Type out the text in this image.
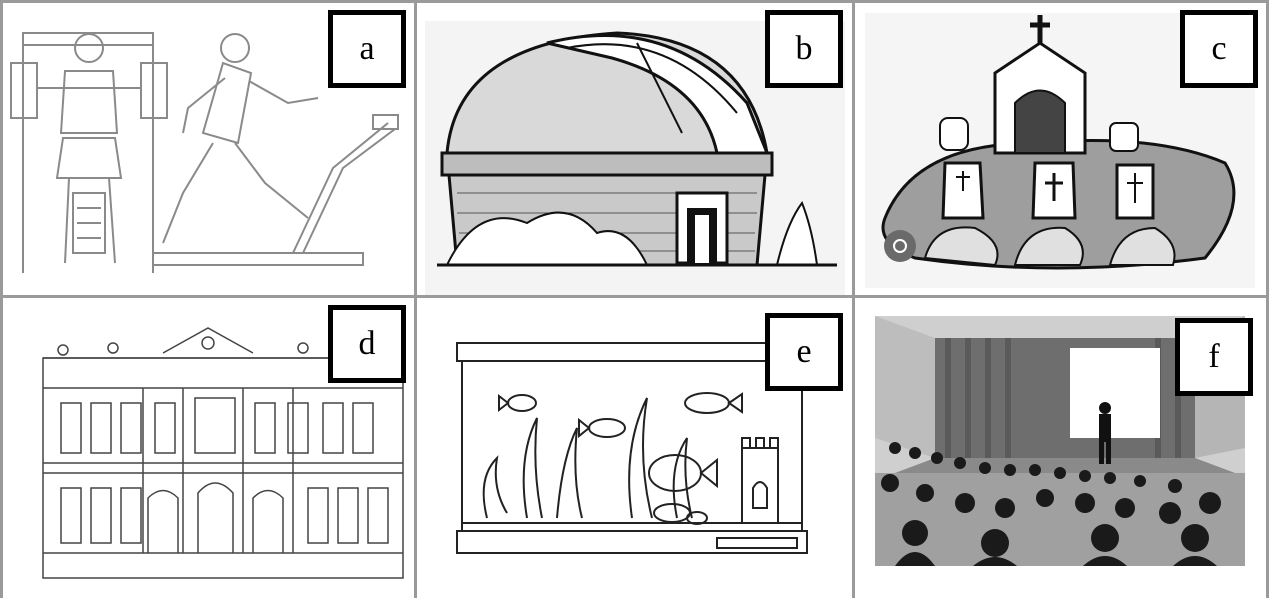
a	b	c
d	e	f
